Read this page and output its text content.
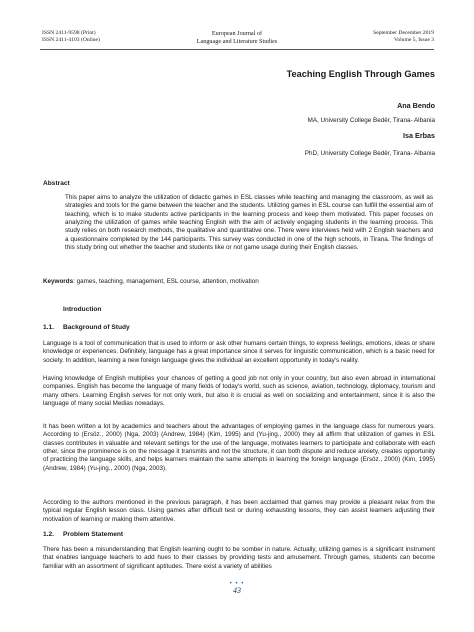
ISSN 2411-9598 (Print)
ISSN 2411-4103 (Online)
European Journal of
Language and Literature Studies
September December 2019
Volume 5, Issue 3
Teaching English Through Games
Ana Bendo
MA, University College Bedër, Tirana- Albania
Isa Erbas
PhD, University College Bedër, Tirana- Albania
Abstract
This paper aims to analyze the utilization of didactic games in ESL classes while teaching and managing the classroom, as well as strategies and tools for the game between the teacher and the students. Utilizing games in ESL course can fulfill the essential aim of teaching, which is to make students active participants in the learning process and keep them motivated. This paper focuses on analyzing the utilization of games while teaching English with the aim of actively engaging students in the learning process. This study relies on both research methods, the qualitative and quantitative one. There were interviews held with 2 English teachers and a questionnaire completed by the 144 participants. This survey was conducted in one of the high schools, in Tirana. The findings of this study bring out whether the teacher and students like or not game usage during their English classes.
Keywords: games, teaching, management, ESL course, attention, motivation
Introduction
1.1. Background of Study
Language is a tool of communication that is used to inform or ask other humans certain things, to express feelings, emotions, ideas or share knowledge or experiences. Definitely, language has a great importance since it serves for linguistic communication, which is a basic need for society. In addition, learning a new foreign language gives the individual an excellent opportunity in today's reality.
Having knowledge of English multiplies your chances of getting a good job not only in your country, but also even abroad in international companies. English has become the language of many fields of today's world, such as science, aviation, technology, diplomacy, tourism and many others. Learning English serves for not only work, but also it is crucial as well on socializing and entertainment, since it is also the language of many social Medias nowadays.
It has been written a lot by academics and teachers about the advantages of employing games in the language class for numerous years. According to (Ersöz., 2000) (Nga, 2003) (Andrew, 1984) (Kim, 1995) and (Yu-jing., 2000) they all affirm that utilization of games in ESL classes contributes in valuable and relevant settings for the use of the language, motivates learners to participate and collaborate with each other, since the prominence is on the message it transmits and not the structure, it can both dispute and reduce anxiety, creates opportunity of practicing the language skills, and helps learners maintain the same attempts in learning the foreign language (Ersöz., 2000) (Kim, 1995) (Andrew, 1984) (Yu-jing., 2000) (Nga, 2003).
According to the authors mentioned in the previous paragraph, it has been acclaimed that games may provide a pleasant relax from the typical regular English lesson class. Using games after difficult test or during exhausting lessons, they can assist learners adjusting their motivation of learning or making them attentive.
1.2. Problem Statement
There has been a misunderstanding that English learning ought to be somber in nature. Actually, utilizing games is a significant instrument that enables language teachers to add hues to their classes by providing tests and amusement. Through games, students can become familiar with an assortment of significant aptitudes. There exist a variety of abilities
• • •
43
